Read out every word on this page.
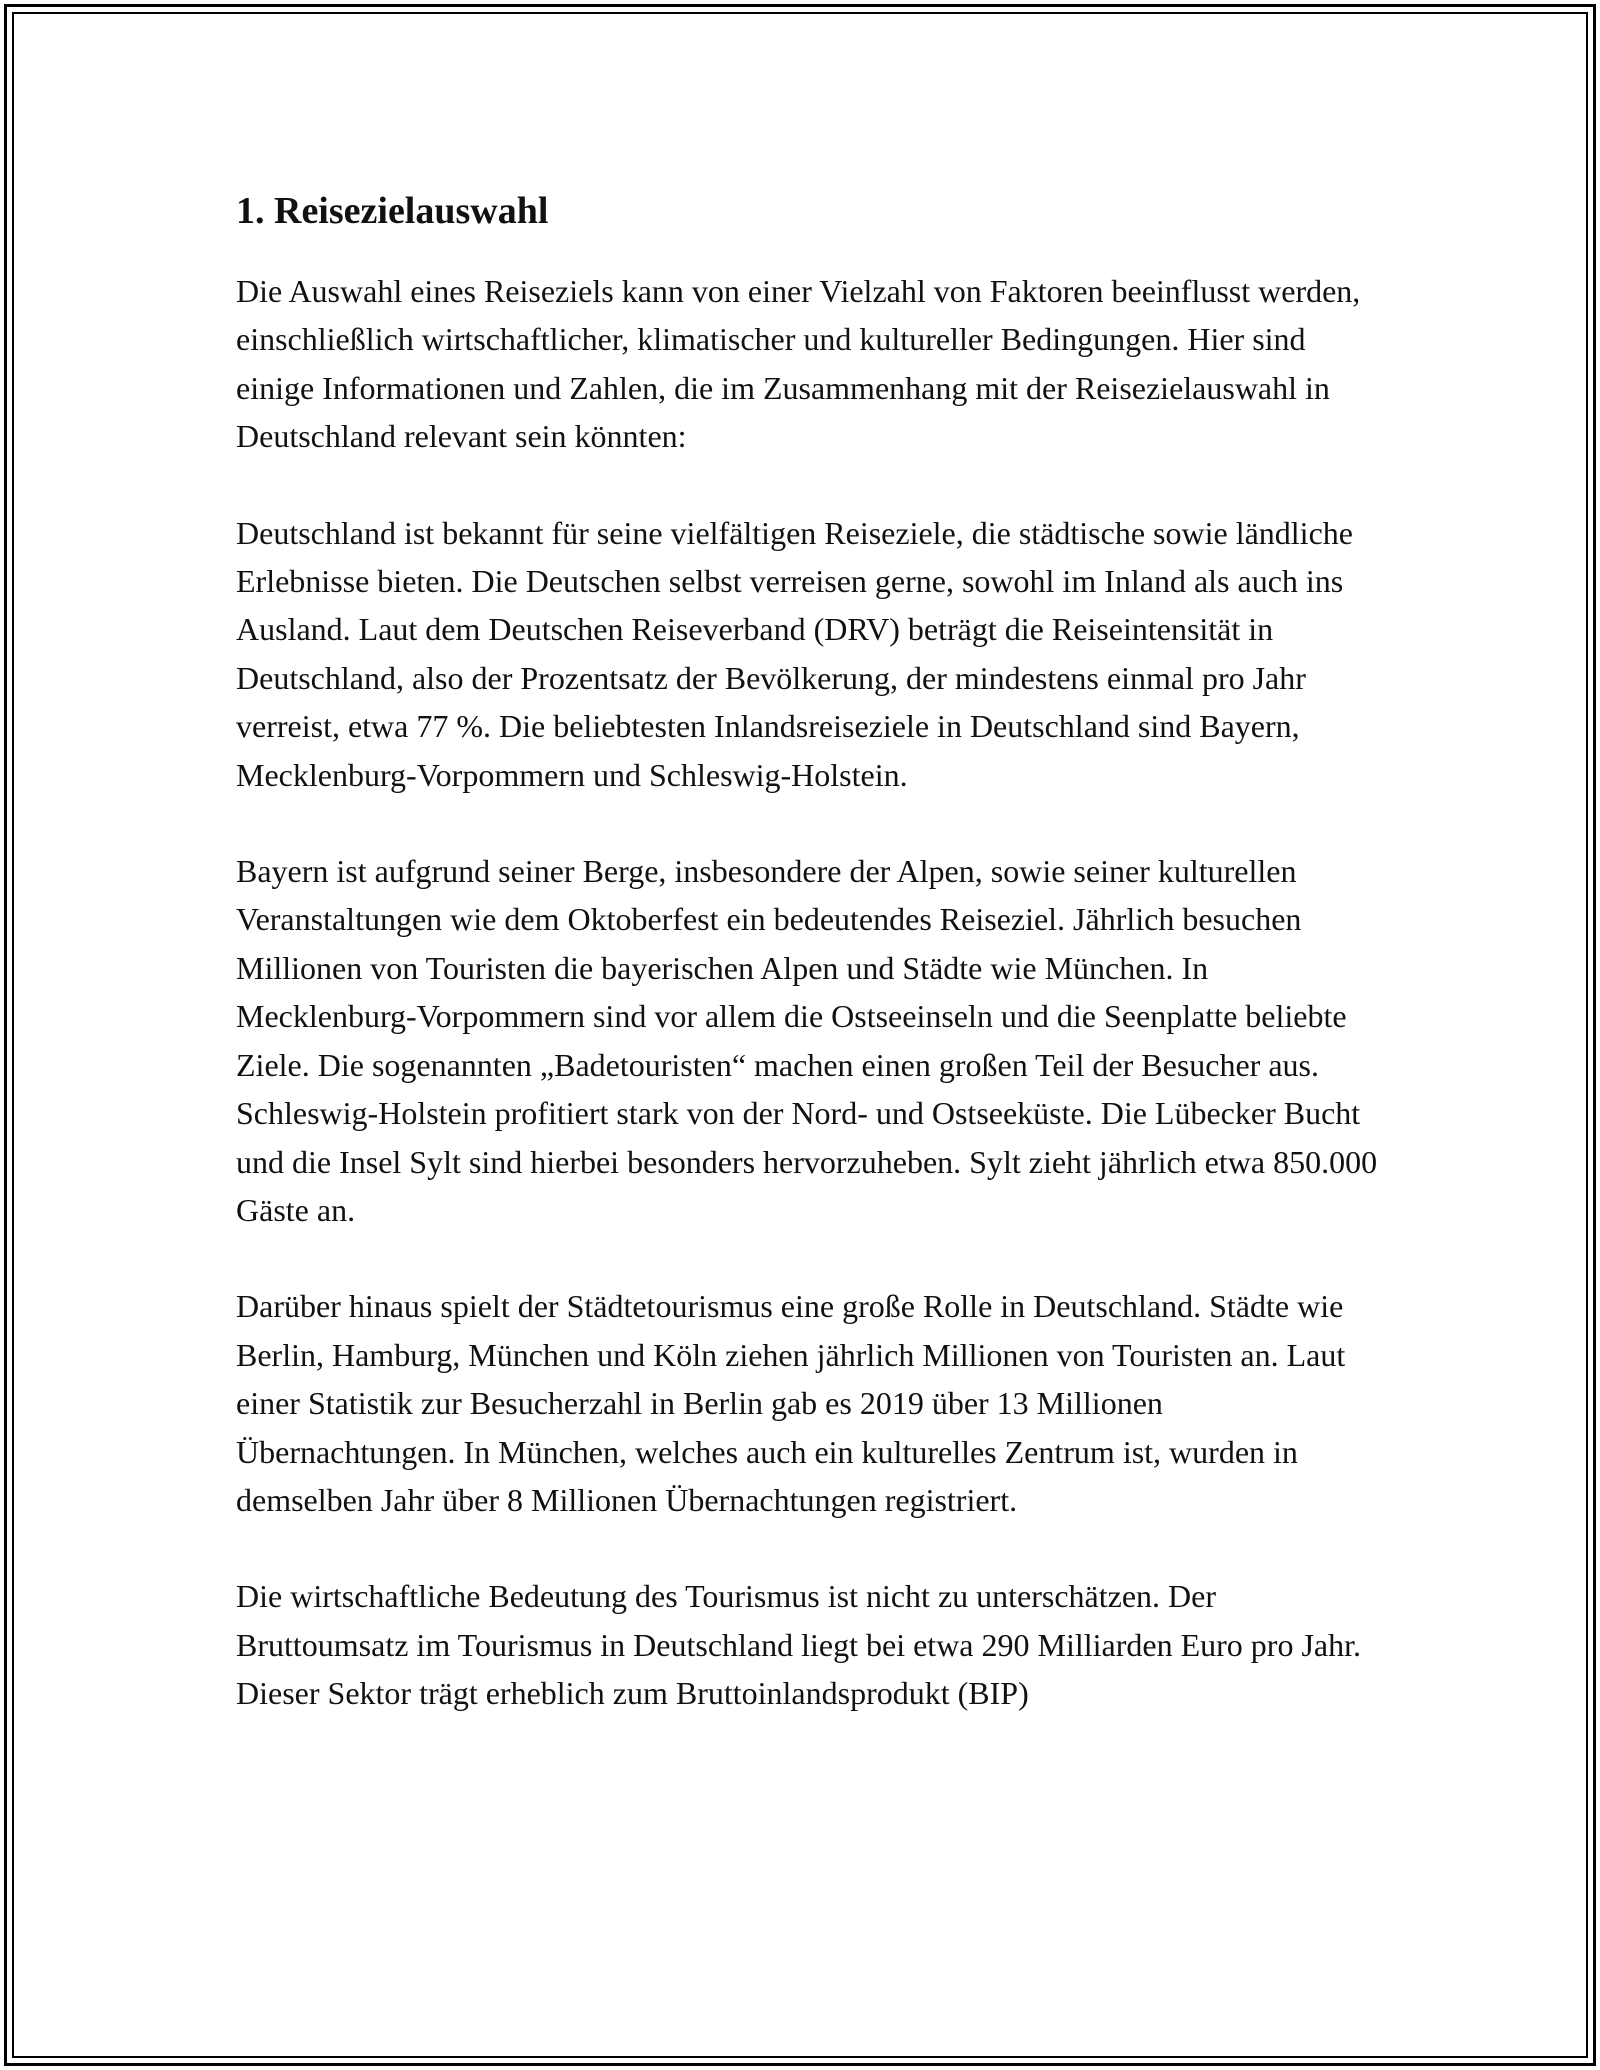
1. Reisezielauswahl

Die Auswahl eines Reiseziels kann von einer Vielzahl von Faktoren beeinflusst werden, einschließlich wirtschaftlicher, klimatischer und kultureller Bedingungen. Hier sind einige Informationen und Zahlen, die im Zusammenhang mit der Reisezielauswahl in Deutschland relevant sein könnten:

Deutschland ist bekannt für seine vielfältigen Reiseziele, die städtische sowie ländliche Erlebnisse bieten. Die Deutschen selbst verreisen gerne, sowohl im Inland als auch ins Ausland. Laut dem Deutschen Reiseverband (DRV) beträgt die Reiseintensität in Deutschland, also der Prozentsatz der Bevölkerung, der mindestens einmal pro Jahr verreist, etwa 77 %. Die beliebtesten Inlandsreiseziele in Deutschland sind Bayern, Mecklenburg-Vorpommern und Schleswig-Holstein.

Bayern ist aufgrund seiner Berge, insbesondere der Alpen, sowie seiner kulturellen Veranstaltungen wie dem Oktoberfest ein bedeutendes Reiseziel. Jährlich besuchen Millionen von Touristen die bayerischen Alpen und Städte wie München. In Mecklenburg-Vorpommern sind vor allem die Ostseeinseln und die Seenplatte beliebte Ziele. Die sogenannten „Badetouristen“ machen einen großen Teil der Besucher aus. Schleswig-Holstein profitiert stark von der Nord- und Ostseeküste. Die Lübecker Bucht und die Insel Sylt sind hierbei besonders hervorzuheben. Sylt zieht jährlich etwa 850.000 Gäste an.

Darüber hinaus spielt der Städtetourismus eine große Rolle in Deutschland. Städte wie Berlin, Hamburg, München und Köln ziehen jährlich Millionen von Touristen an. Laut einer Statistik zur Besucherzahl in Berlin gab es 2019 über 13 Millionen Übernachtungen. In München, welches auch ein kulturelles Zentrum ist, wurden in demselben Jahr über 8 Millionen Übernachtungen registriert.

Die wirtschaftliche Bedeutung des Tourismus ist nicht zu unterschätzen. Der Bruttoumsatz im Tourismus in Deutschland liegt bei etwa 290 Milliarden Euro pro Jahr. Dieser Sektor trägt erheblich zum Bruttoinlandsprodukt (BIP)
